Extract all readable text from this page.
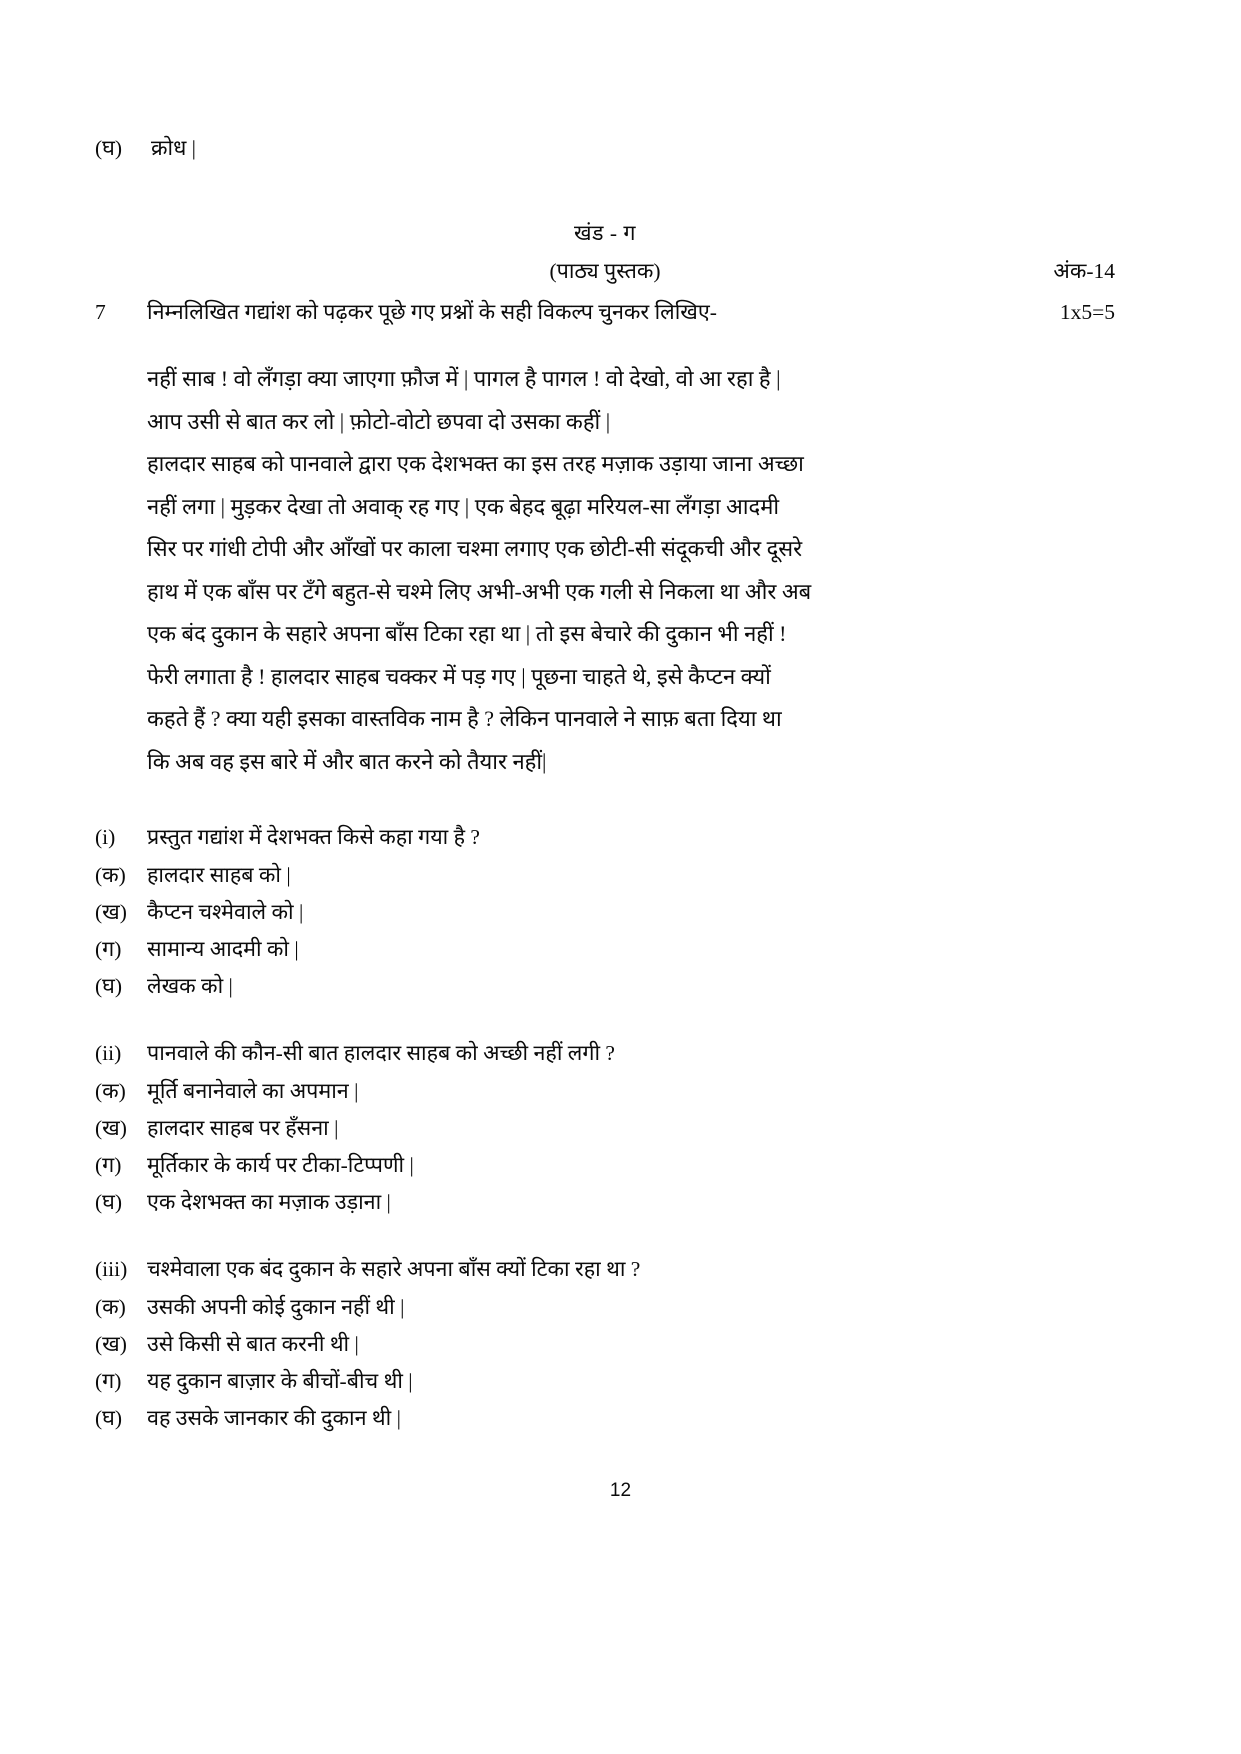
(घ)	क्रोध |
खंड - ग
(पाठ्य पुस्तक)	अंक-14
7	निम्नलिखित गद्यांश को पढ़कर पूछे गए प्रश्नों के सही विकल्प चुनकर लिखिए-	1x5=5

नहीं साब ! वो लँगड़ा क्या जाएगा फ़ौज में | पागल है पागल ! वो देखो, वो आ रहा है |

आप उसी से बात कर लो | फ़ोटो-वोटो छपवा दो उसका कहीं |

हालदार साहब को पानवाले द्वारा एक देशभक्त का इस तरह मज़ाक उड़ाया जाना अच्छा

नहीं लगा | मुड़कर देखा तो अवाक् रह गए | एक बेहद बूढ़ा मरियल-सा लँगड़ा आदमी

सिर पर गांधी टोपी और आँखों पर काला चश्मा लगाए एक छोटी-सी संदूकची और दूसरे

हाथ में एक बाँस पर टँगे बहुत-से चश्मे लिए अभी-अभी एक गली से निकला था और अब

एक बंद दुकान के सहारे अपना बाँस टिका रहा था | तो इस बेचारे की दुकान भी नहीं !

फेरी लगाता है ! हालदार साहब चक्कर में पड़ गए | पूछना चाहते थे, इसे कैप्टन क्यों

कहते हैं ? क्या यही इसका वास्तविक नाम है ? लेकिन पानवाले ने साफ़ बता दिया था

कि अब वह इस बारे में और बात करने को तैयार नहीं|

(i)	प्रस्तुत गद्यांश में देशभक्त किसे कहा गया है ?
(क) हालदार साहब को |
(ख) कैप्टन चश्मेवाले को |
(ग)	सामान्य आदमी को |
(घ)	लेखक को |
(ii)	पानवाले की कौन-सी बात हालदार साहब को अच्छी नहीं लगी ?
(क) मूर्ति बनानेवाले का अपमान |
(ख) हालदार साहब पर हँसना |
(ग)	मूर्तिकार के कार्य पर टीका-टिप्पणी |
(घ)	एक देशभक्त का मज़ाक उड़ाना |
(iii) चश्मेवाला एक बंद दुकान के सहारे अपना बाँस क्यों टिका रहा था ?
(क) उसकी अपनी कोई दुकान नहीं थी |
(ख) उसे किसी से बात करनी थी |
(ग)	यह दुकान बाज़ार के बीचों-बीच थी |
(घ)	वह उसके जानकार की दुकान थी |
12
